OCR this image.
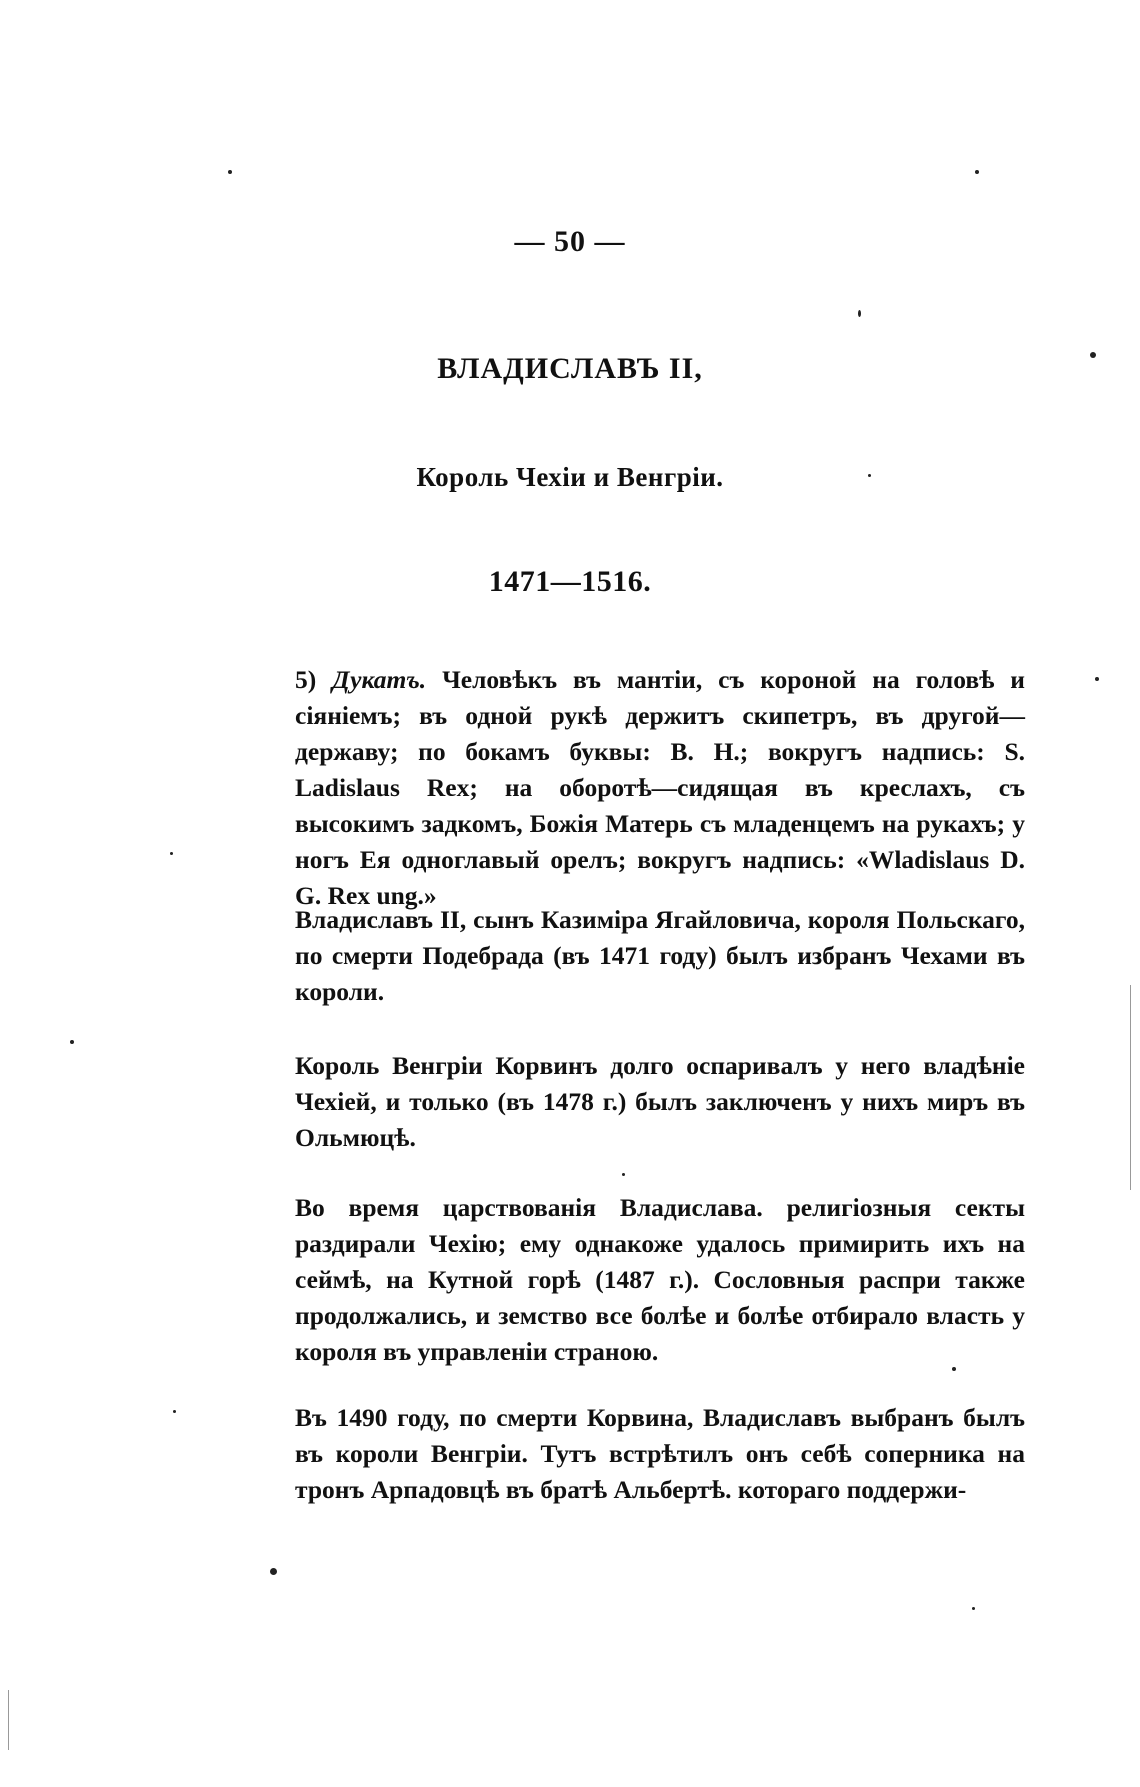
— 50 —
ВЛАДИСЛАВЪ II,
Король Чехіи и Венгріи.
1471—1516.
5) Дукатъ. Человѣкъ въ мантіи, съ короной на головѣ и сіяніемъ; въ одной рукѣ держитъ скипетръ, въ другой—державу; по бокамъ буквы: B. H.; вокругъ надпись: S. Ladislaus Rex; на оборотѣ—сидящая въ креслахъ, съ высокимъ задкомъ, Божія Матерь съ младенцемъ на рукахъ; у ногъ Ея одноглавый орелъ; вокругъ надпись: «Wladislaus D. G. Rex ung.»
Владиславъ II, сынъ Казиміра Ягайловича, короля Польскаго, по смерти Подебрада (въ 1471 году) былъ избранъ Чехами въ короли.
Король Венгріи Корвинъ долго оспаривалъ у него владѣніе Чехіей, и только (въ 1478 г.) былъ заключенъ у нихъ миръ въ Ольмюцѣ.
Во время царствованія Владислава. религіозныя секты раздирали Чехію; ему однакоже удалось примирить ихъ на сеймѣ, на Кутной горѣ (1487 г.). Сословныя распри также продолжались, и земство все болѣе и болѣе отбирало власть у короля въ управленіи страною.
Въ 1490 году, по смерти Корвина, Владиславъ выбранъ былъ въ короли Венгріи. Тутъ встрѣтилъ онъ себѣ соперника на тронъ Арпадовцѣ въ братѣ Альбертѣ. котораго поддержи-
